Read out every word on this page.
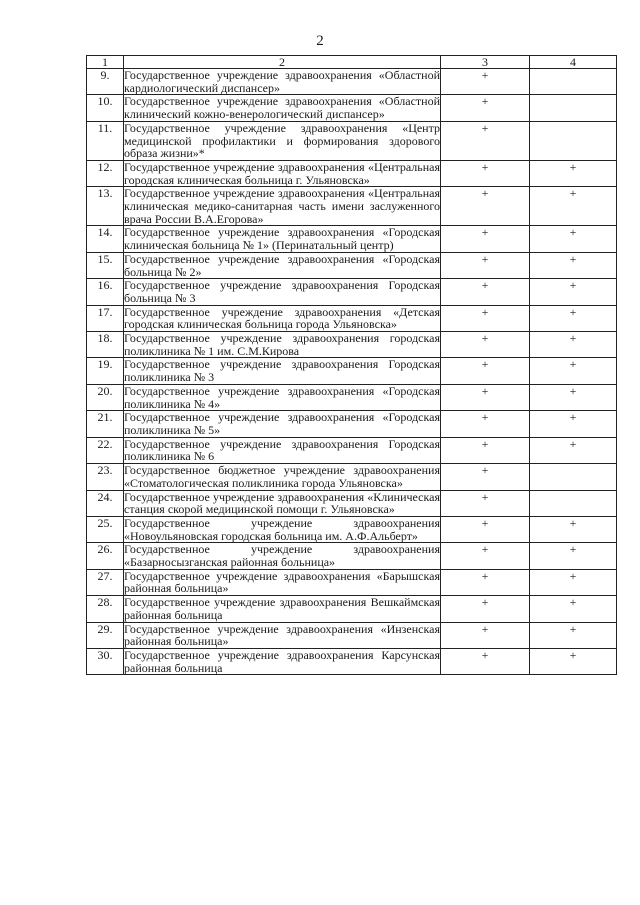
2
1	2	3	4
9.	Государственное учреждение здравоохранения «Областной кардиологический диспансер»	+	
10.	Государственное учреждение здравоохранения «Областной клинический кожно-венерологический диспансер»	+	
11.	Государственное учреждение здравоохранения «Центр медицинской профилактики и формирования здорового образа жизни»*	+	
12.	Государственное учреждение здравоохранения «Центральная городская клиническая больница г. Ульяновска»	+	+
13.	Государственное учреждение здравоохранения «Центральная клиническая медико-санитарная часть имени заслуженного врача России В.А.Егорова»	+	+
14.	Государственное учреждение здравоохранения «Городская клиническая больница № 1» (Перинатальный центр)	+	+
15.	Государственное учреждение здравоохранения «Городская больница № 2»	+	+
16.	Государственное учреждение здравоохранения Городская больница № 3	+	+
17.	Государственное учреждение здравоохранения «Детская городская клиническая больница города Ульяновска»	+	+
18.	Государственное учреждение здравоохранения городская поликлиника № 1 им. С.М.Кирова	+	+
19.	Государственное учреждение здравоохранения Городская поликлиника № 3	+	+
20.	Государственное учреждение здравоохранения «Городская поликлиника № 4»	+	+
21.	Государственное учреждение здравоохранения «Городская поликлиника № 5»	+	+
22.	Государственное учреждение здравоохранения Городская поликлиника № 6	+	+
23.	Государственное бюджетное учреждение здравоохранения «Стоматологическая поликлиника города Ульяновска»	+	
24.	Государственное учреждение здравоохранения «Клиническая станция скорой медицинской помощи г. Ульяновска»	+	
25.	Государственное учреждение здравоохранения «Новоульяновская городская больница им. А.Ф.Альберт»	+	+
26.	Государственное учреждение здравоохранения «Базарносызганская районная больница»	+	+
27.	Государственное учреждение здравоохранения «Барышская районная больница»	+	+
28.	Государственное учреждение здравоохранения Вешкаймская районная больница	+	+
29.	Государственное учреждение здравоохранения «Инзенская районная больница»	+	+
30.	Государственное учреждение здравоохранения Карсунская районная больница	+	+
